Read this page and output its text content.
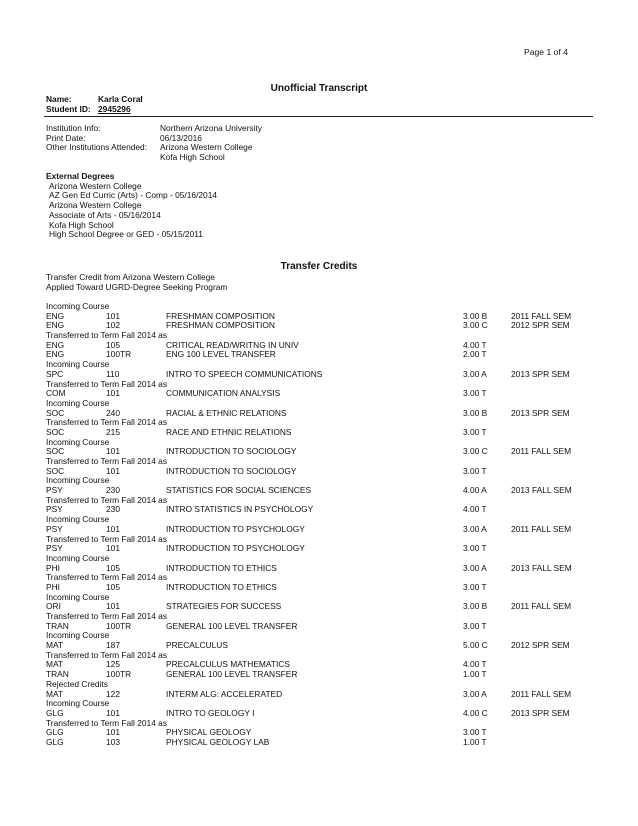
Page 1 of 4
Unofficial Transcript
Name:	Karla Coral
Student ID: 2945296
Institution Info:	Northern Arizona University
Print Date:	06/13/2016
Other Institutions Attended: Arizona Western College
Kofa High School
External Degrees
Arizona Western College
AZ Gen Ed Curric (Arts) - Comp - 05/16/2014
Arizona Western College
Associate of Arts - 05/16/2014
Kofa High School
High School Degree or GED - 05/15/2011
Transfer Credits
Transfer Credit from Arizona Western College
Applied Toward UGRD-Degree Seeking Program
Incoming Course
ENG	101	FRESHMAN COMPOSITION	3.00 B	2011 FALL SEM
ENG	102	FRESHMAN COMPOSITION	3.00 C	2012 SPR SEM
Transferred to Term Fall 2014 as
ENG	105	CRITICAL READ/WRITNG IN UNIV	4.00 T
ENG	100TR	ENG 100 LEVEL TRANSFER	2.00 T
Incoming Course
SPC	110	INTRO TO SPEECH COMMUNICATIONS	3.00 A	2013 SPR SEM
Transferred to Term Fall 2014 as
COM	101	COMMUNICATION ANALYSIS	3.00 T
Incoming Course
SOC	240	RACIAL & ETHNIC RELATIONS	3.00 B	2013 SPR SEM
Transferred to Term Fall 2014 as
SOC	215	RACE AND ETHNIC RELATIONS	3.00 T
Incoming Course
SOC	101	INTRODUCTION TO SOCIOLOGY	3.00 C	2011 FALL SEM
Transferred to Term Fall 2014 as
SOC	101	INTRODUCTION TO SOCIOLOGY	3.00 T
Incoming Course
PSY	230	STATISTICS FOR SOCIAL SCIENCES	4.00 A	2013 FALL SEM
Transferred to Term Fall 2014 as
PSY	230	INTRO STATISTICS IN PSYCHOLOGY	4.00 T
Incoming Course
PSY	101	INTRODUCTION TO PSYCHOLOGY	3.00 A	2011 FALL SEM
Transferred to Term Fall 2014 as
PSY	101	INTRODUCTION TO PSYCHOLOGY	3.00 T
Incoming Course
PHI	105	INTRODUCTION TO ETHICS	3.00 A	2013 FALL SEM
Transferred to Term Fall 2014 as
PHI	105	INTRODUCTION TO ETHICS	3.00 T
Incoming Course
ORI	101	STRATEGIES FOR SUCCESS	3.00 B	2011 FALL SEM
Transferred to Term Fall 2014 as
TRAN	100TR	GENERAL 100 LEVEL TRANSFER	3.00 T
Incoming Course
MAT	187	PRECALCULUS	5.00 C	2012 SPR SEM
Transferred to Term Fall 2014 as
MAT	125	PRECALCULUS MATHEMATICS	4.00 T
TRAN	100TR	GENERAL 100 LEVEL TRANSFER	1.00 T
Rejected Credits
MAT	122	INTERM ALG: ACCELERATED	3.00 A	2011 FALL SEM
Incoming Course
GLG	101	INTRO TO GEOLOGY I	4.00 C	2013 SPR SEM
Transferred to Term Fall 2014 as
GLG	101	PHYSICAL GEOLOGY	3.00 T
GLG	103	PHYSICAL GEOLOGY LAB	1.00 T
